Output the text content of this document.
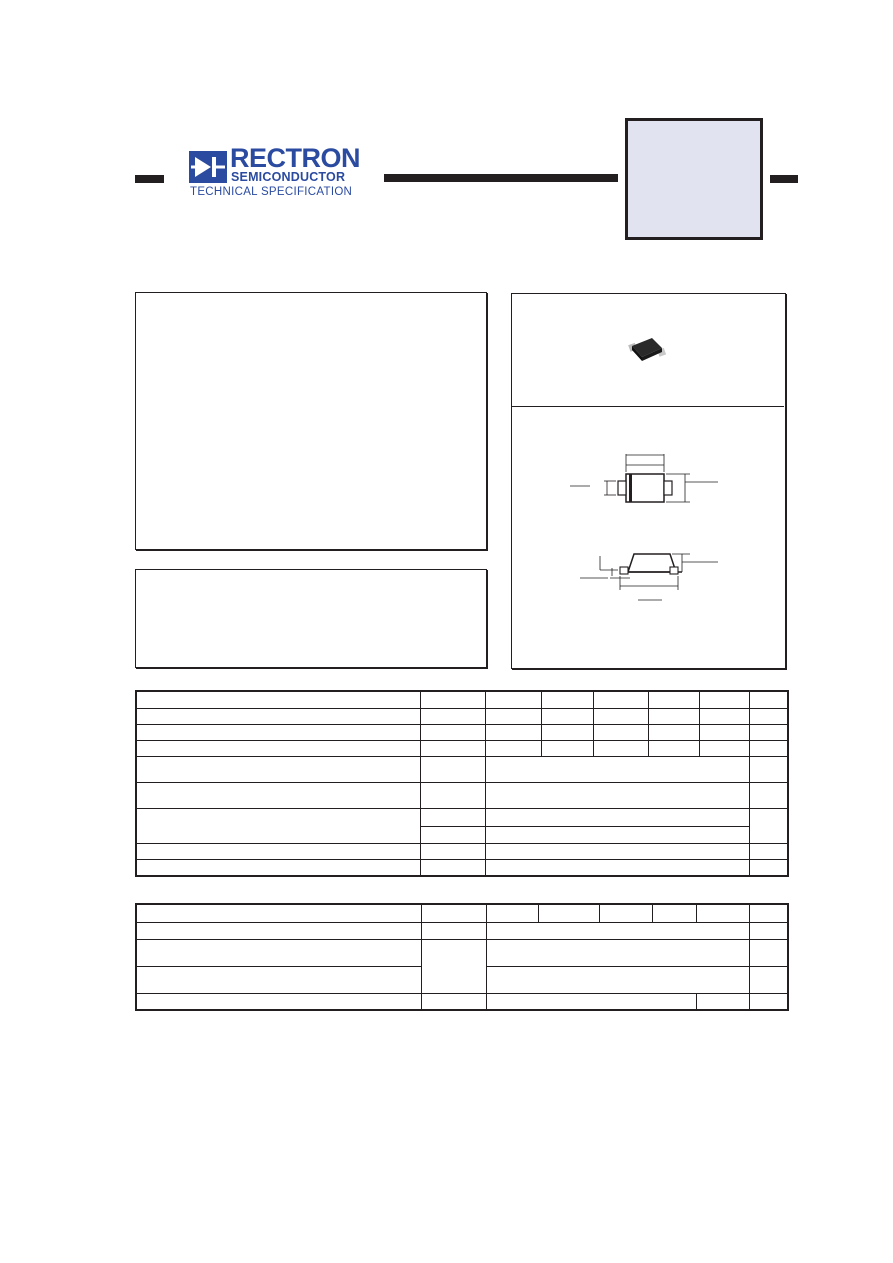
RECTRON
SEMICONDUCTOR
TECHNICAL SPECIFICATION
